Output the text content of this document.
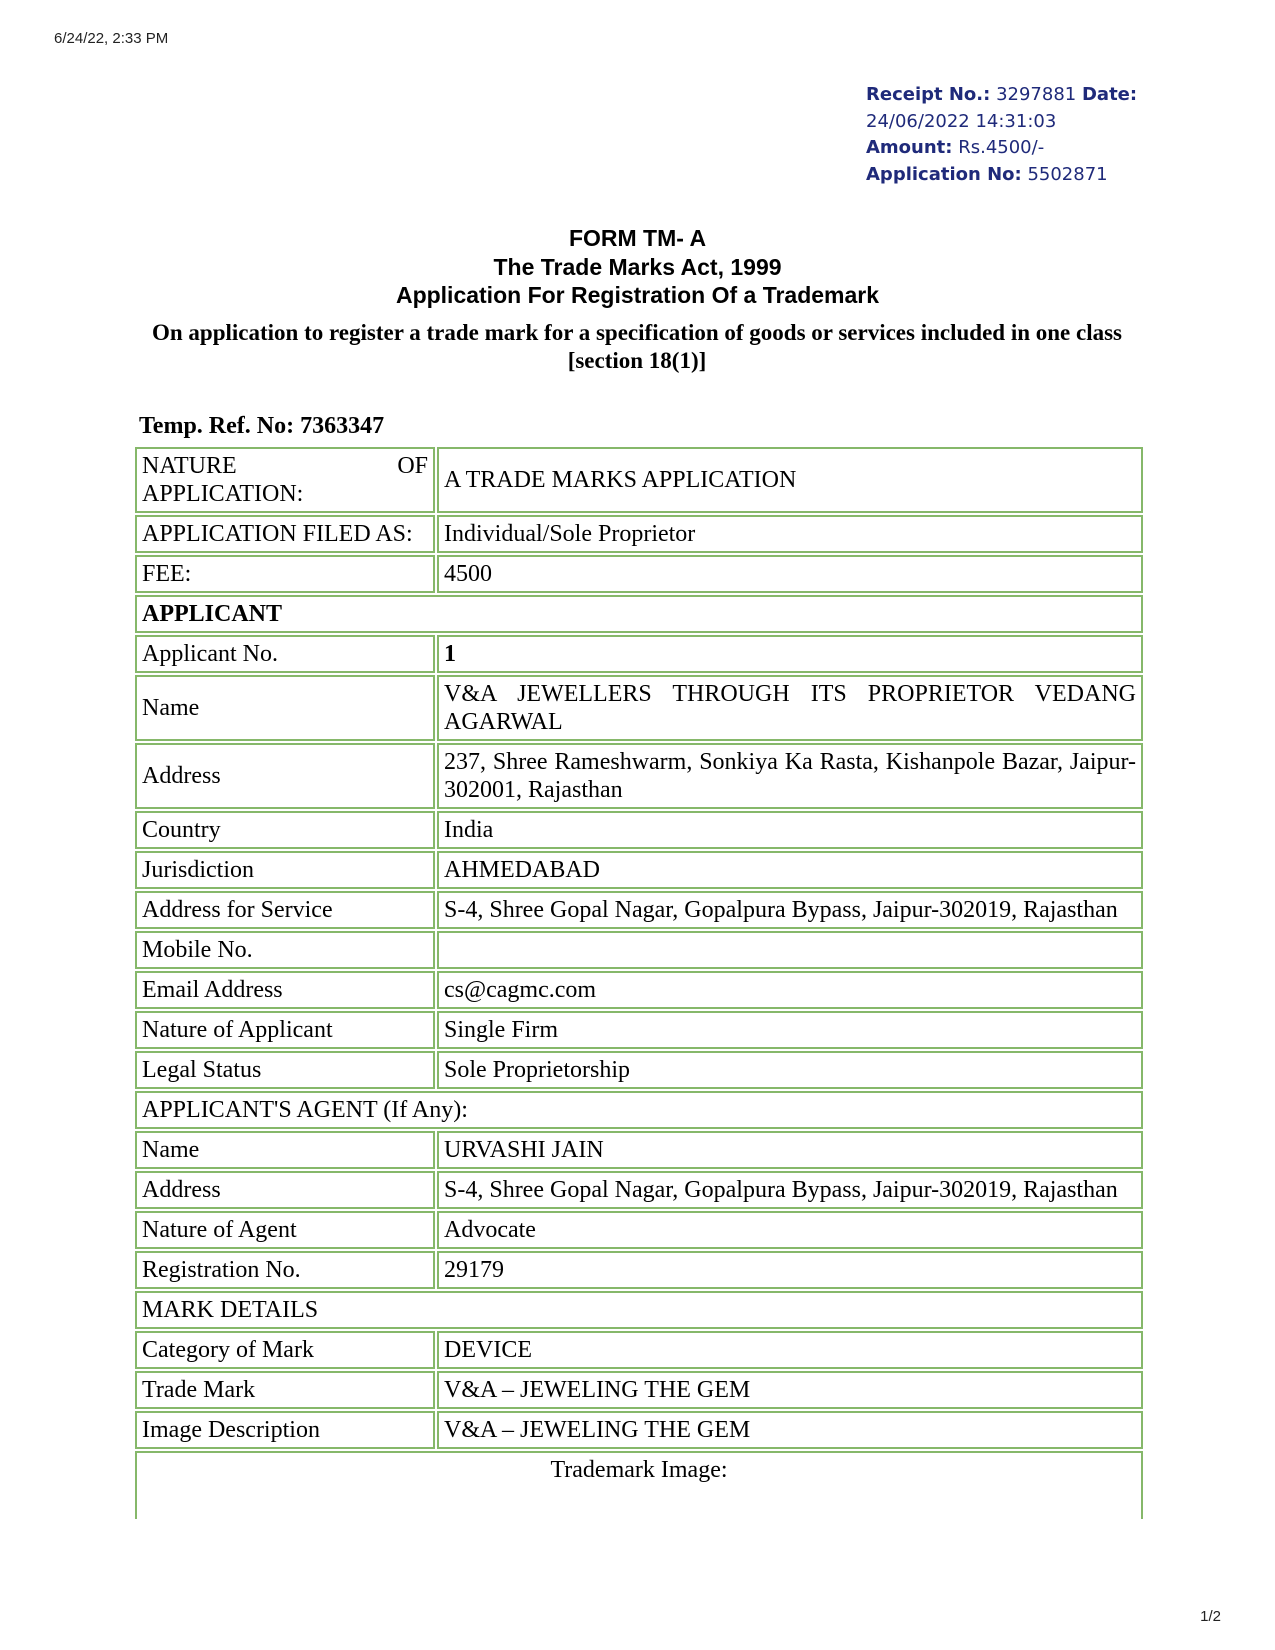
6/24/22, 2:33 PM
Receipt No.: 3297881 Date:
24/06/2022 14:31:03
Amount: Rs.4500/-
Application No: 5502871
FORM TM- A
The Trade Marks Act, 1999
Application For Registration Of a Trademark
On application to register a trade mark for a specification of goods or services included in one class [section 18(1)]
Temp. Ref. No: 7363347
NATURE OF APPLICATION:	A TRADE MARKS APPLICATION
APPLICATION FILED AS:	Individual/Sole Proprietor
FEE:	4500
APPLICANT	
Applicant No.	1
Name	V&A JEWELLERS THROUGH ITS PROPRIETOR VEDANG AGARWAL
Address	237, Shree Rameshwarm, Sonkiya Ka Rasta, Kishanpole Bazar, Jaipur-302001, Rajasthan
Country	India
Jurisdiction	AHMEDABAD
Address for Service	S-4, Shree Gopal Nagar, Gopalpura Bypass, Jaipur-302019, Rajasthan
Mobile No.	
Email Address	cs@cagmc.com
Nature of Applicant	Single Firm
Legal Status	Sole Proprietorship
APPLICANT'S AGENT (If Any):	
Name	URVASHI JAIN
Address	S-4, Shree Gopal Nagar, Gopalpura Bypass, Jaipur-302019, Rajasthan
Nature of Agent	Advocate
Registration No.	29179
MARK DETAILS	
Category of Mark	DEVICE
Trade Mark	V&A – JEWELING THE GEM
Image Description	V&A – JEWELING THE GEM
Trademark Image:	
1/2
